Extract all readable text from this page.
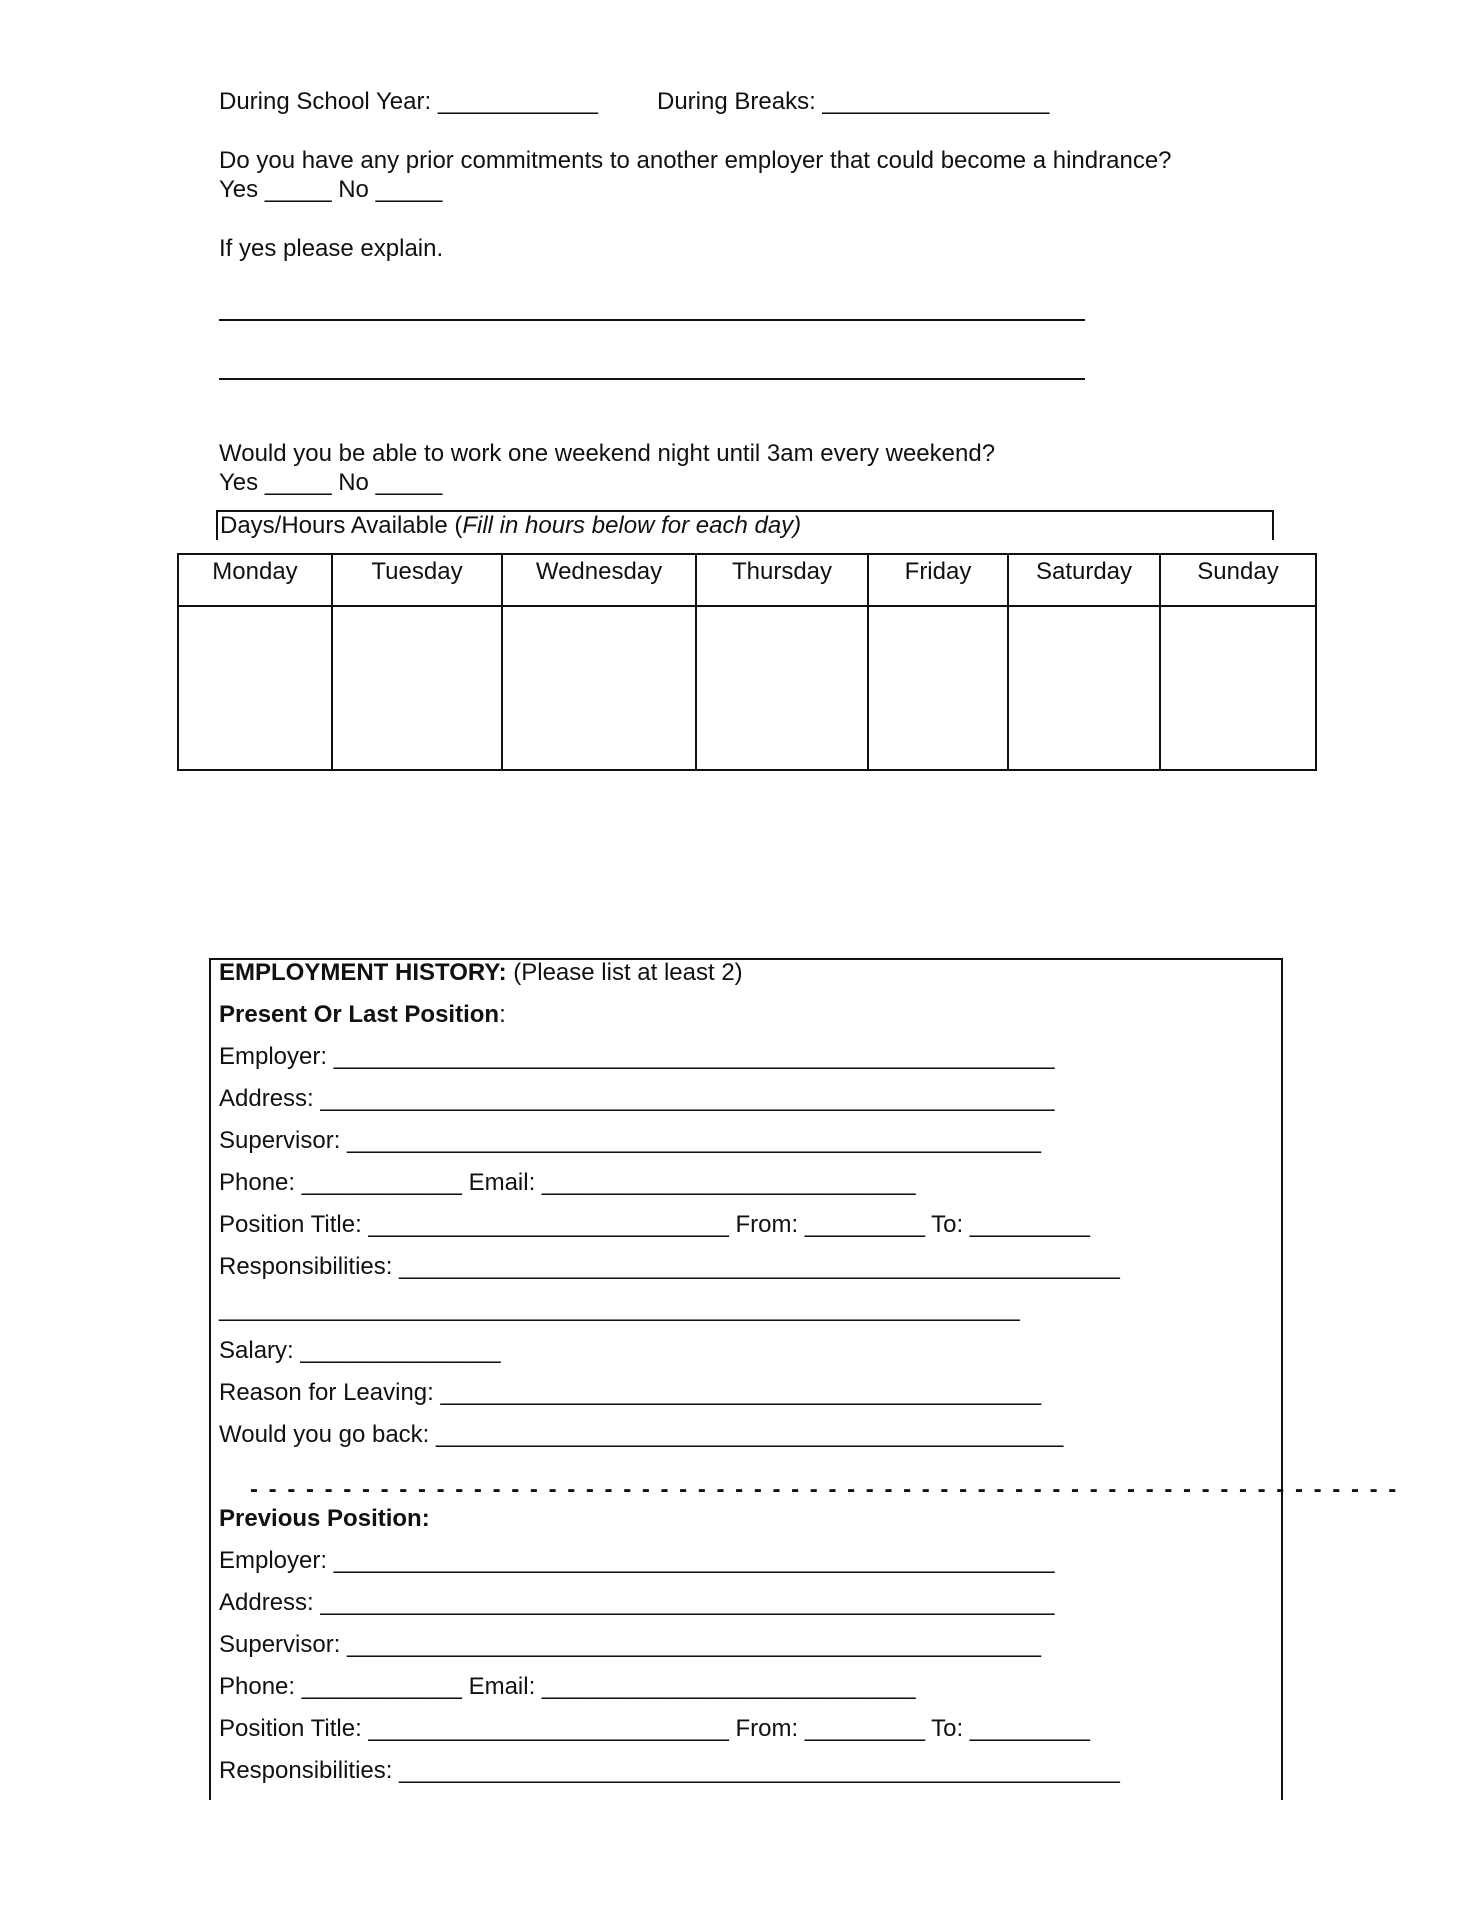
During School Year: ____________ During Breaks: _________________
Do you have any prior commitments to another employer that could become a hindrance?
Yes _____ No _____
If yes please explain.
Would you be able to work one weekend night until 3am every weekend?
Yes _____ No _____
Days/Hours Available (Fill in hours below for each day)
Monday	Tuesday	Wednesday	Thursday	Friday	Saturday	Sunday

EMPLOYMENT HISTORY: (Please list at least 2)
Present Or Last Position:
Employer: ______________________________________________________
Address: _______________________________________________________
Supervisor: ____________________________________________________
Phone: ____________ Email: ____________________________
Position Title: ___________________________ From: _________ To: _________
Responsibilities: ______________________________________________________
____________________________________________________________
Salary: _______________
Reason for Leaving: _____________________________________________
Would you go back: _______________________________________________
- - - - - - - - - - - - - - - - - - - - - - - - - - - - - - - - - - - - - - - - - - - - - - - - - - - - - - - - - - - - - -
Previous Position:
Employer: ______________________________________________________
Address: _______________________________________________________
Supervisor: ____________________________________________________
Phone: ____________ Email: ____________________________
Position Title: ___________________________ From: _________ To: _________
Responsibilities: ______________________________________________________
